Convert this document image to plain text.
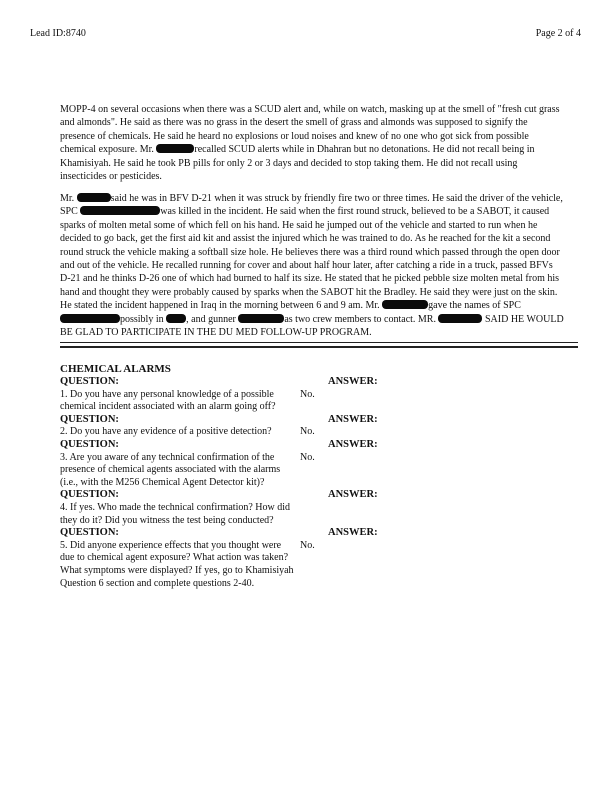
Lead ID:8740	Page 2 of 4
MOPP-4 on several occasions when there was a SCUD alert and, while on watch, masking up at the smell of "fresh cut grass and almonds". He said as there was no grass in the desert the smell of grass and almonds was supposed to signify the presence of chemicals. He said he heard no explosions or loud noises and knew of no one who got sick from possible chemical exposure. Mr.	recalled SCUD alerts while in Dhahran but no detonations. He did not recall being in Khamisiyah. He said he took PB pills for only 2 or 3 days and decided to stop taking them. He did not recall using insecticides or pesticides.
Mr.	said he was in BFV D-21 when it was struck by friendly fire two or three times. He said the driver of the vehicle, SPC	was killed in the incident. He said when the first round struck, believed to be a SABOT, it caused sparks of molten metal some of which fell on his hand. He said he jumped out of the vehicle and started to run when he decided to go back, get the first aid kit and assist the injured which he was trained to do. As he reached for the kit a second round struck the vehicle making a softball size hole. He believes there was a third round which passed through the open door and out of the vehicle. He recalled running for cover and about half hour later, after catching a ride in a truck, passed BFVs D-21 and he thinks D-26 one of which had burned to half its size. He stated that he picked pebble size molten metal from his hand and thought they were probably caused by sparks when the SABOT hit the Bradley. He said they were just on the skin. He stated the incident happened in Iraq in the morning between 6 and 9 am. Mr.	gave the names of SPC possibly in , and gunner	as two crew members to contact. MR.	SAID HE WOULD BE GLAD TO PARTICIPATE IN THE DU MED FOLLOW-UP PROGRAM.
CHEMICAL ALARMS
QUESTION:	ANSWER:
1. Do you have any personal knowledge of a possible chemical incident associated with an alarm going off?
No.
QUESTION:	ANSWER:
2. Do you have any evidence of a positive detection?	No.
QUESTION:	ANSWER:
3. Are you aware of any technical confirmation of the presence of chemical agents associated with the alarms (i.e., with the M256 Chemical Agent Detector kit)?
No.
QUESTION:	ANSWER:
4. If yes. Who made the technical confirmation? How did they do it? Did you witness the test being conducted?
QUESTION:	ANSWER:
5. Did anyone experience effects that you thought were due to chemical agent exposure? What action was taken? What symptoms were displayed? If yes, go to Khamisiyah Question 6 section and complete questions 2-40.
No.
